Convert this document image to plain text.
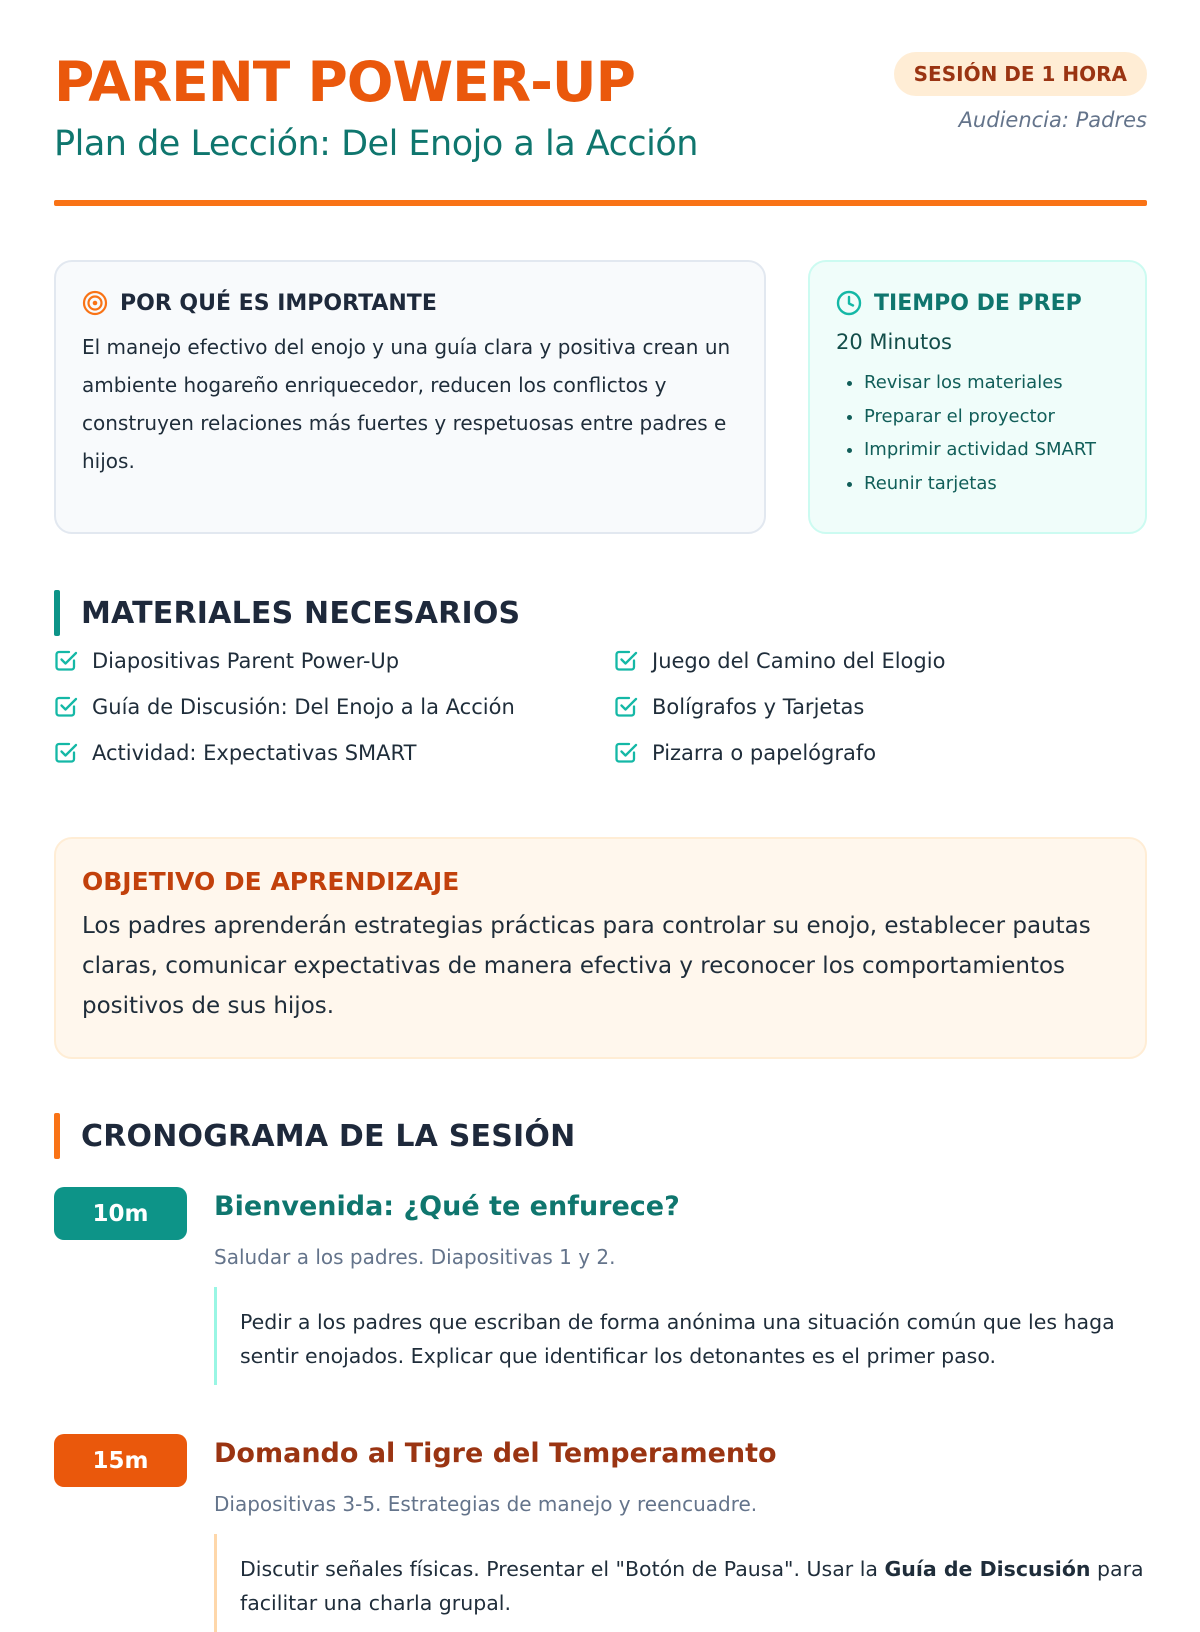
PARENT POWER-UP
Plan de Lección: Del Enojo a la Acción
SESIÓN DE 1 HORA
Audiencia: Padres
POR QUÉ ES IMPORTANTE
El manejo efectivo del enojo y una guía clara y positiva crean un ambiente hogareño enriquecedor, reducen los conflictos y construyen relaciones más fuertes y respetuosas entre padres e hijos.
TIEMPO DE PREP
20 Minutos
• Revisar los materiales
• Preparar el proyector
• Imprimir actividad SMART
• Reunir tarjetas
MATERIALES NECESARIOS
Diapositivas Parent Power-Up
Guía de Discusión: Del Enojo a la Acción
Actividad: Expectativas SMART
Juego del Camino del Elogio
Bolígrafos y Tarjetas
Pizarra o papelógrafo
OBJETIVO DE APRENDIZAJE
Los padres aprenderán estrategias prácticas para controlar su enojo, establecer pautas claras, comunicar expectativas de manera efectiva y reconocer los comportamientos positivos de sus hijos.
CRONOGRAMA DE LA SESIÓN
10m	Bienvenida: ¿Qué te enfurece?
Saludar a los padres. Diapositivas 1 y 2.
Pedir a los padres que escriban de forma anónima una situación común que les haga sentir enojados. Explicar que identificar los detonantes es el primer paso.
15m	Domando al Tigre del Temperamento
Diapositivas 3-5. Estrategias de manejo y reencuadre.
Discutir señales físicas. Presentar el "Botón de Pausa". Usar la Guía de Discusión para facilitar una charla grupal.
